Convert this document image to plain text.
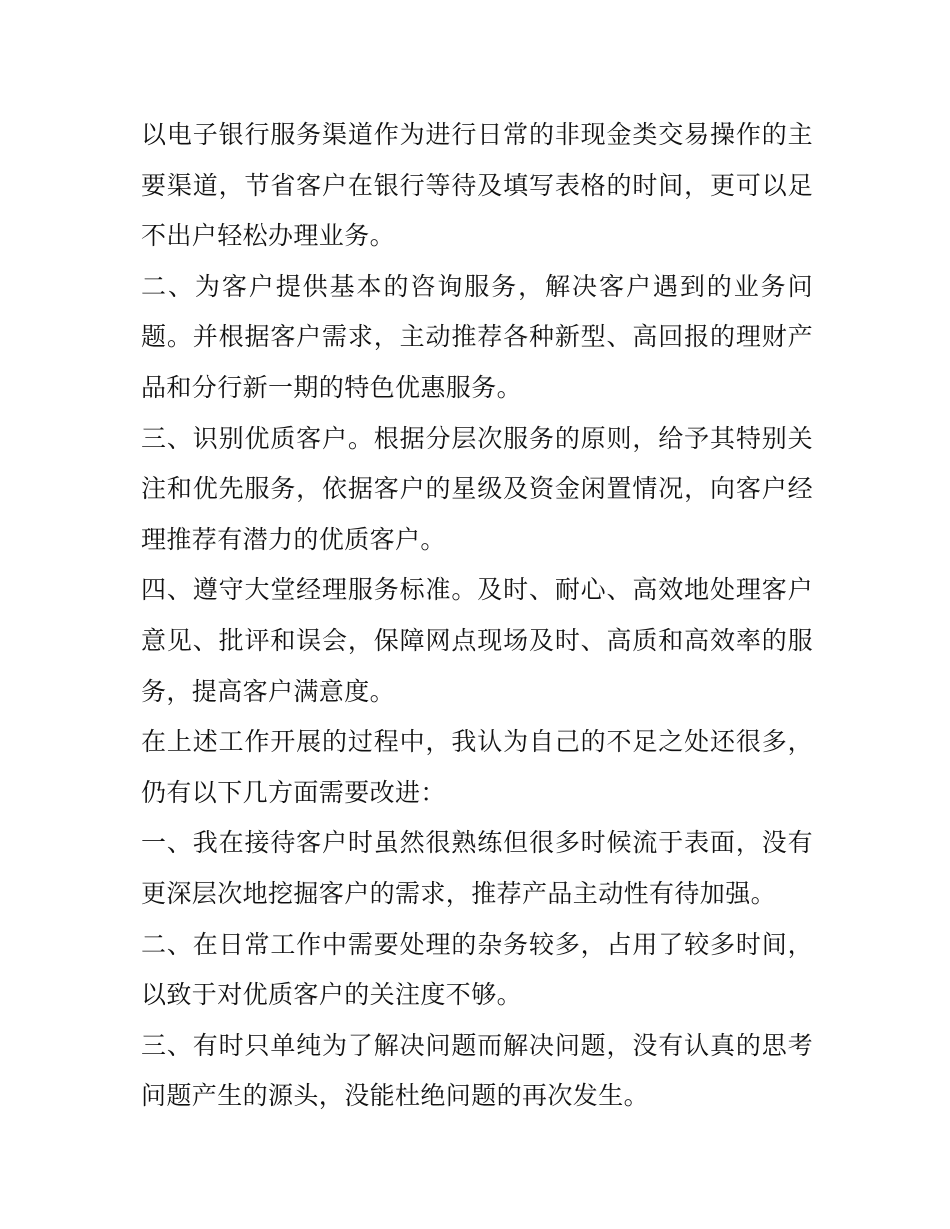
以电子银行服务渠道作为进行日常的非现金类交易操作的主要渠道，节省客户在银行等待及填写表格的时间，更可以足不出户轻松办理业务。

二、为客户提供基本的咨询服务，解决客户遇到的业务问题。并根据客户需求，主动推荐各种新型、高回报的理财产品和分行新一期的特色优惠服务。

三、识别优质客户。根据分层次服务的原则，给予其特别关注和优先服务，依据客户的星级及资金闲置情况，向客户经理推荐有潜力的优质客户。

四、遵守大堂经理服务标准。及时、耐心、高效地处理客户意见、批评和误会，保障网点现场及时、高质和高效率的服务，提高客户满意度。

在上述工作开展的过程中，我认为自己的不足之处还很多，仍有以下几方面需要改进：

一、我在接待客户时虽然很熟练但很多时候流于表面，没有更深层次地挖掘客户的需求，推荐产品主动性有待加强。

二、在日常工作中需要处理的杂务较多，占用了较多时间，以致于对优质客户的关注度不够。

三、有时只单纯为了解决问题而解决问题，没有认真的思考问题产生的源头，没能杜绝问题的再次发生。
